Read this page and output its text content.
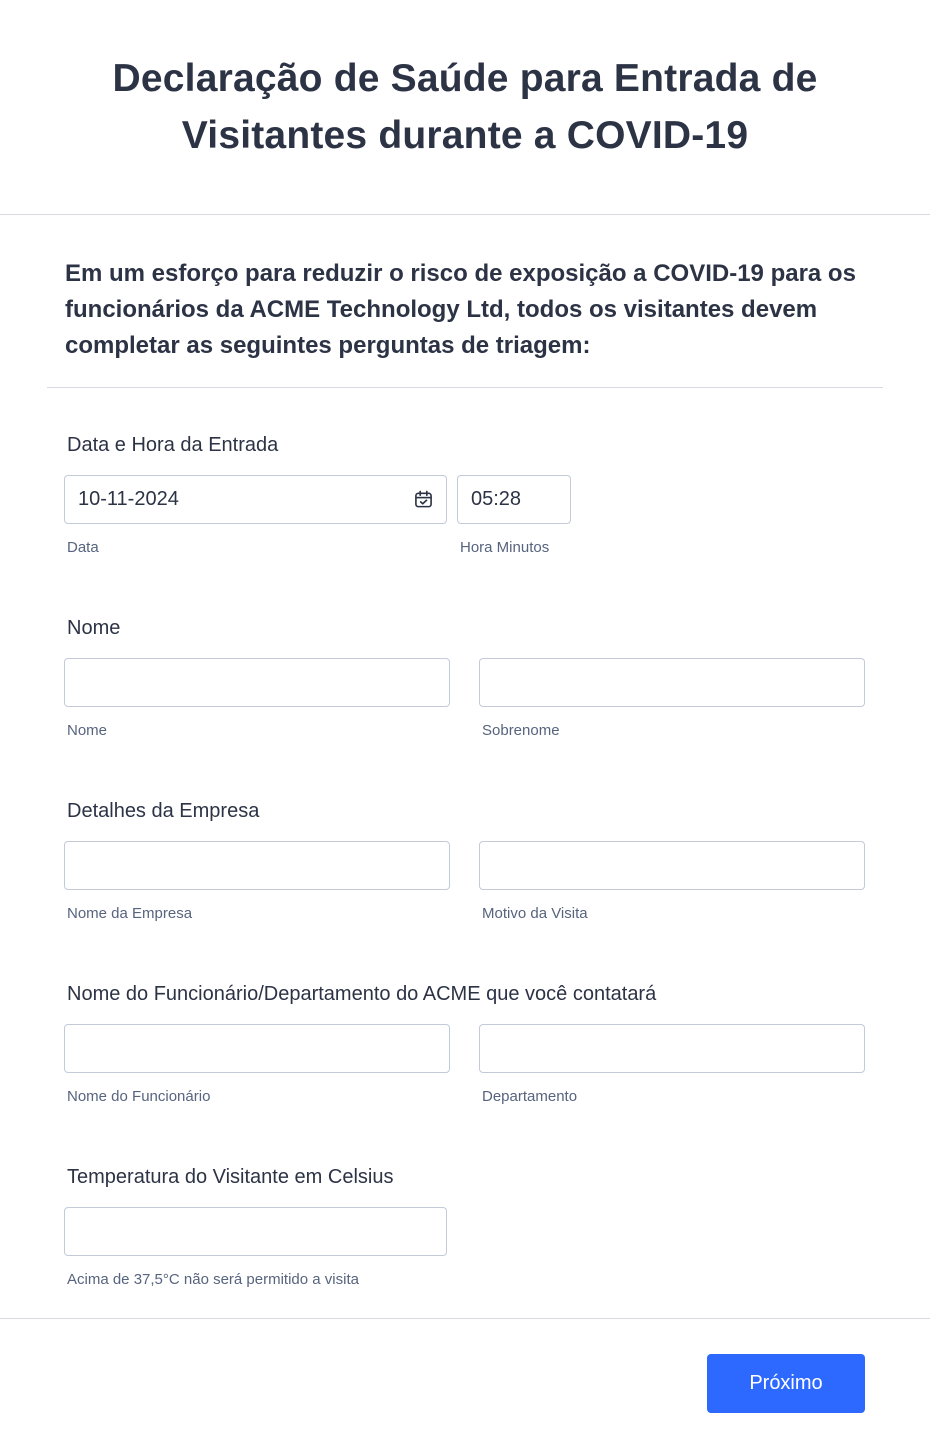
Declaração de Saúde para Entrada de Visitantes durante a COVID-19

Em um esforço para reduzir o risco de exposição a COVID-19 para os funcionários da ACME Technology Ltd, todos os visitantes devem completar as seguintes perguntas de triagem:

Data e Hora da Entrada
10-11-2024
Data
05:28
Hora Minutos
Nome
Nome	Sobrenome
Detalhes da Empresa
Nome da Empresa	Motivo da Visita
Nome do Funcionário/Departamento do ACME que você contatará
Nome do Funcionário	Departamento
Temperatura do Visitante em Celsius
Acima de 37,5°C não será permitido a visita
Próximo
